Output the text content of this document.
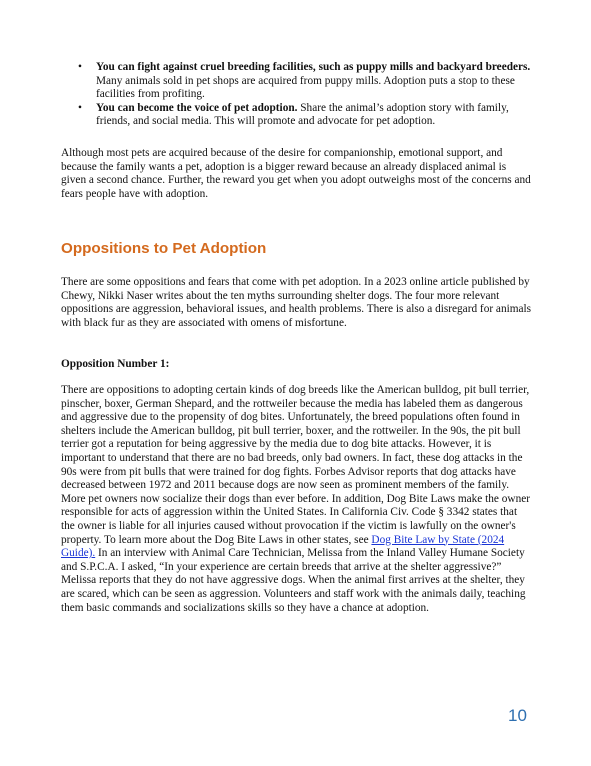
• You can fight against cruel breeding facilities, such as puppy mills and backyard breeders. Many animals sold in pet shops are acquired from puppy mills. Adoption puts a stop to these facilities from profiting.
• You can become the voice of pet adoption. Share the animal’s adoption story with family, friends, and social media. This will promote and advocate for pet adoption.

Although most pets are acquired because of the desire for companionship, emotional support, and because the family wants a pet, adoption is a bigger reward because an already displaced animal is given a second chance. Further, the reward you get when you adopt outweighs most of the concerns and fears people have with adoption.

Oppositions to Pet Adoption

There are some oppositions and fears that come with pet adoption. In a 2023 online article published by Chewy, Nikki Naser writes about the ten myths surrounding shelter dogs. The four more relevant oppositions are aggression, behavioral issues, and health problems. There is also a disregard for animals with black fur as they are associated with omens of misfortune.

Opposition Number 1:

There are oppositions to adopting certain kinds of dog breeds like the American bulldog, pit bull terrier, pinscher, boxer, German Shepard, and the rottweiler because the media has labeled them as dangerous and aggressive due to the propensity of dog bites. Unfortunately, the breed populations often found in shelters include the American bulldog, pit bull terrier, boxer, and the rottweiler. In the 90s, the pit bull terrier got a reputation for being aggressive by the media due to dog bite attacks. However, it is important to understand that there are no bad breeds, only bad owners. In fact, these dog attacks in the 90s were from pit bulls that were trained for dog fights. Forbes Advisor reports that dog attacks have decreased between 1972 and 2011 because dogs are now seen as prominent members of the family. More pet owners now socialize their dogs than ever before. In addition, Dog Bite Laws make the owner responsible for acts of aggression within the United States. In California Civ. Code § 3342 states that the owner is liable for all injuries caused without provocation if the victim is lawfully on the owner's property. To learn more about the Dog Bite Laws in other states, see Dog Bite Law by State (2024 Guide). In an interview with Animal Care Technician, Melissa from the Inland Valley Humane Society and S.P.C.A. I asked, “In your experience are certain breeds that arrive at the shelter aggressive?” Melissa reports that they do not have aggressive dogs. When the animal first arrives at the shelter, they are scared, which can be seen as aggression. Volunteers and staff work with the animals daily, teaching them basic commands and socializations skills so they have a chance at adoption.

10
